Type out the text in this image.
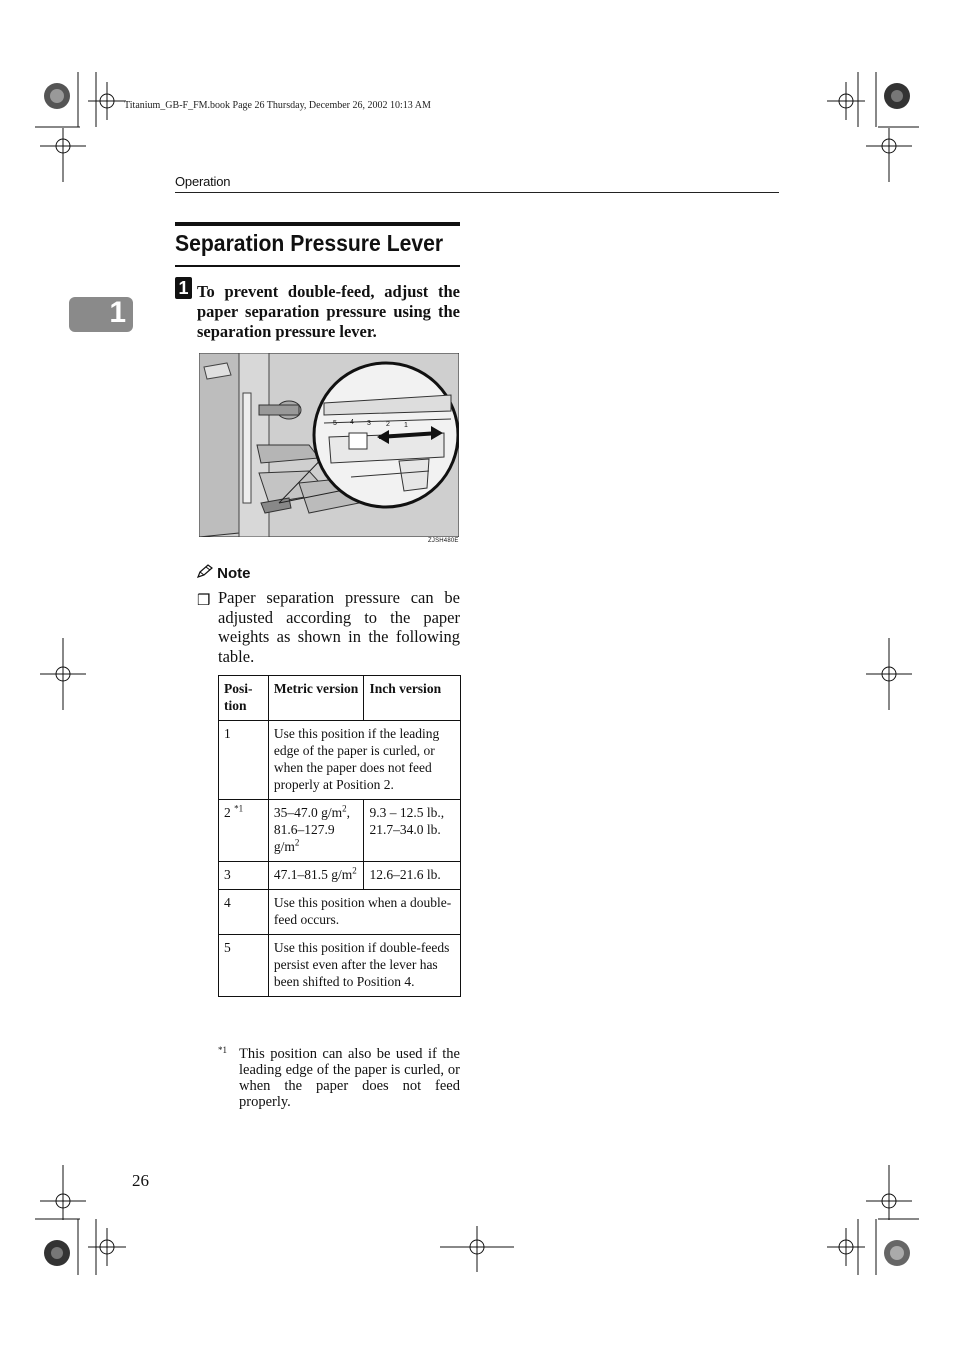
Titanium_GB-F_FM.book Page 26 Thursday, December 26, 2002 10:13 AM
Operation
1
Separation Pressure Lever
1 To prevent double-feed, adjust the paper separation pressure using the separation pressure lever.
5 4 3 2 1
ZJSH480E
Note
❒ Paper separation pressure can be adjusted according to the paper weights as shown in the following table.
Posi-tion	Metric version	Inch version
1	Use this position if the leading edge of the paper is curled, or when the paper does not feed properly at Position 2.	
2 $^{*1}$	35–47.0 $g/m^2$, 81.6–127.9 $g/m^2$	9.3 – 12.5 lb., 21.7–34.0 lb.
3	47.1–81.5 $g/m^2$	12.6–21.6 lb.
4	Use this position when a double-feed occurs.	
5	Use this position if double-feeds persist even after the lever has been shifted to Position 4.	
*1 This position can also be used if the leading edge of the paper is curled, or when the paper does not feed properly.
26
